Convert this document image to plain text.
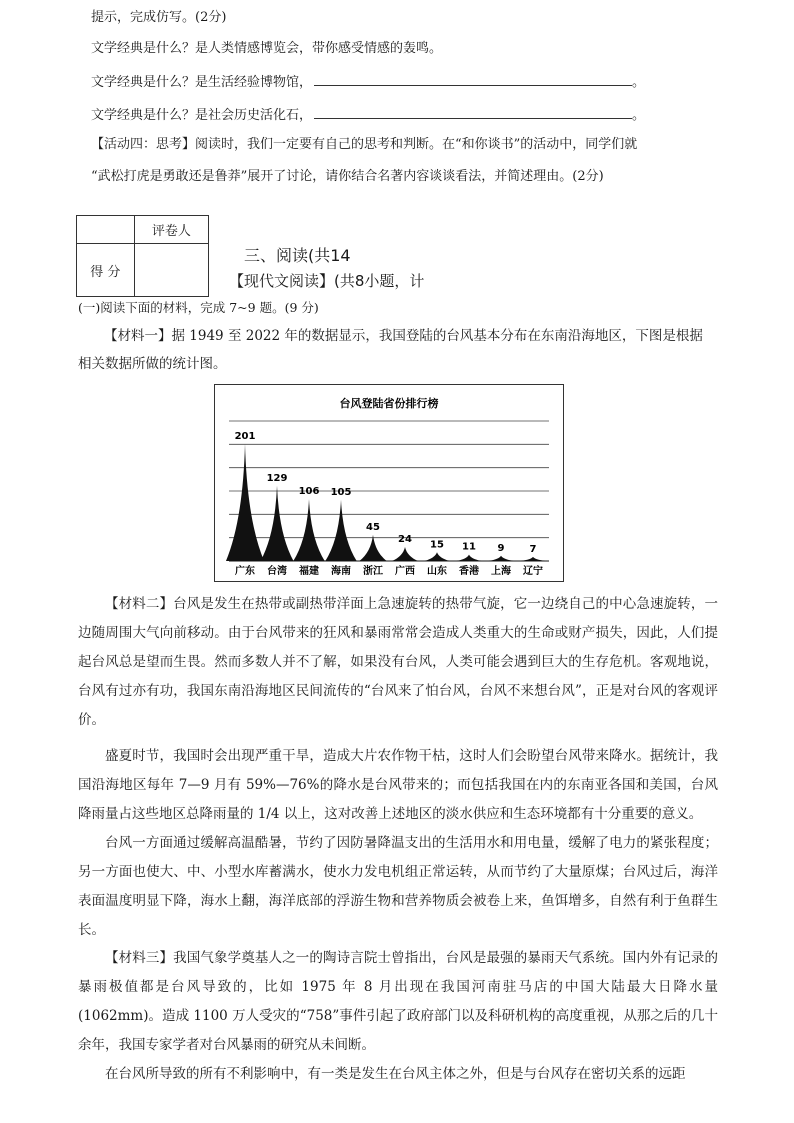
提示，完成仿写。(2分)
文学经典是什么？是人类情感博览会，带你感受情感的轰鸣。
文学经典是什么？是生活经验博物馆，	。
文学经典是什么？是社会历史活化石，	。
【活动四：思考】阅读时，我们一定要有自己的思考和判断。在“和你谈书”的活动中，同学们就
“武松打虎是勇敢还是鲁莽”展开了讨论，请你结合名著内容谈谈看法，并简述理由。(2分)
	评卷人
得 分	
三、阅读(共14
【现代文阅读】(共8小题，计
(一)阅读下面的材料，完成 7~9 题。(9 分)
【材料一】据 1949 至 2022 年的数据显示，我国登陆的台风基本分布在东南沿海地区，下图是根据
相关数据所做的统计图。
台风登陆省份排行榜
201
广东
129
台湾
106
福建
105
海南
45
浙江
24
广西
15
山东
11
香港
9
上海
7
辽宁

【材料二】台风是发生在热带或副热带洋面上急速旋转的热带气旋，它一边绕自己的中心急速旋转，一边随周围大气向前移动。由于台风带来的狂风和暴雨常常会造成人类重大的生命或财产损失，因此，人们提起台风总是望而生畏。然而多数人并不了解，如果没有台风，人类可能会遇到巨大的生存危机。客观地说，台风有过亦有功，我国东南沿海地区民间流传的“台风来了怕台风，台风不来想台风”，正是对台风的客观评价。

盛夏时节，我国时会出现严重干旱，造成大片农作物干枯，这时人们会盼望台风带来降水。据统计，我国沿海地区每年 7—9 月有 59%—76%的降水是台风带来的；而包括我国在内的东南亚各国和美国，台风降雨量占这些地区总降雨量的 1/4 以上，这对改善上述地区的淡水供应和生态环境都有十分重要的意义。

台风一方面通过缓解高温酷暑，节约了因防暑降温支出的生活用水和用电量，缓解了电力的紧张程度；另一方面也使大、中、小型水库蓄满水，使水力发电机组正常运转，从而节约了大量原煤；台风过后，海洋表面温度明显下降，海水上翻，海洋底部的浮游生物和营养物质会被卷上来，鱼饵增多，自然有利于鱼群生长。

【材料三】我国气象学奠基人之一的陶诗言院士曾指出，台风是最强的暴雨天气系统。国内外有记录的暴雨极值都是台风导致的，比如 1975 年 8 月出现在我国河南驻马店的中国大陆最大日降水量(1062mm)。造成 1100 万人受灾的“758”事件引起了政府部门以及科研机构的高度重视，从那之后的几十余年，我国专家学者对台风暴雨的研究从未间断。

在台风所导致的所有不利影响中，有一类是发生在台风主体之外，但是与台风存在密切关系的远距
